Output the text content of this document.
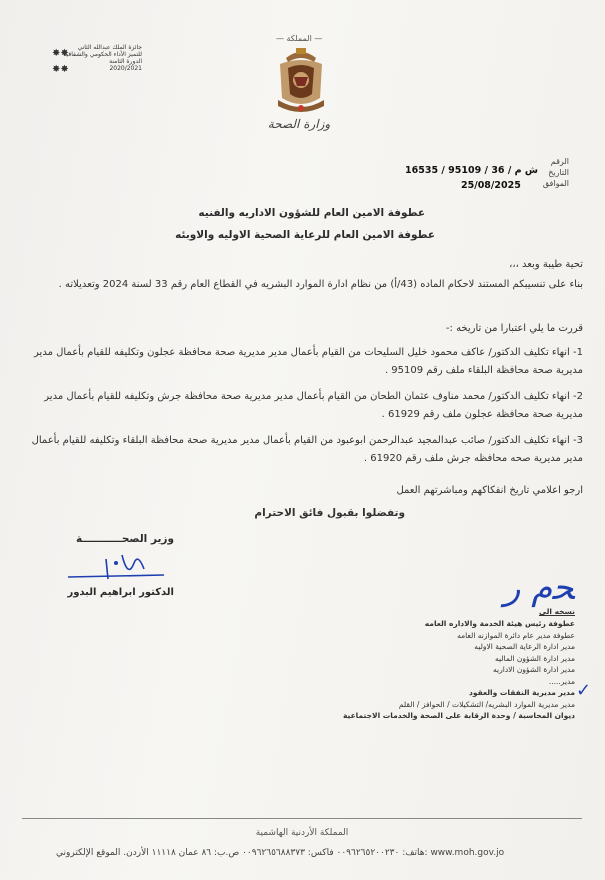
— المملكة —
وزارة الصحة
جائزة الملك عبدالله الثاني
للتميز الأداء الحكومي والشفافية
الدورة الثامنة
2020/2021
✸✸
✸✸
الرقم
التاريخ
الموافق
ش م / 36 / 95109 / 16535
25/08/2025
عطوفة الامين العام للشؤون الاداريه والفنيه
عطوفة الامين العام للرعاية الصحية الاوليه والاوبئه
تحية طيبة وبعد ،،،
بناء على تنسيبكم المستند لاحكام الماده (43/أ) من نظام ادارة الموارد البشريه في القطاع العام رقم 33 لسنة 2024 وتعديلاته .
قررت ما يلي اعتبارا من تاريخه :-
1- انهاء تكليف الدكتور/ عاكف محمود خليل السليحات من القيام بأعمال مدير مديرية صحة محافظة عجلون وتكليفه للقيام بأعمال مدير مديرية صحة محافظة البلقاء ملف رقم 95109 .
2- انهاء تكليف الدكتور/ محمد مناوف عثمان الطحان من القيام بأعمال مدير مديرية صحة محافظة جرش وتكليفه للقيام بأعمال مدير مديرية صحة محافظة عجلون ملف رقم 61929 .
3- انهاء تكليف الدكتور/ صائب عبدالمجيد عبدالرحمن ابوعبود من القيام بأعمال مدير مديرية صحة محافظة البلقاء وتكليفه للقيام بأعمال مدير مديرية صحه محافظه جرش ملف رقم 61920 .
ارجو اعلامي تاريخ انفكاكهم ومباشرتهم العمل
وتفضلوا بقبول فائق الاحترام
وزير الصحـــــــــــة
الدكتور ابراهيم البدور	ﺤم ر
✓
نسخه الى
عطوفة رئيس هيئة الخدمة والاداره العامه
عطوفة مدير عام دائرة الموازنه العامه
مدير ادارة الرعاية الصحية الاوليه
مدير ادارة الشؤون الماليه
مدير ادارة الشؤون الاداريه
مدير.....
مدير مديرية النفقات والعقود
مدير مديرية الموارد البشريه/ التشكيلات / الحوافز / القلم
ديوان المحاسبة / وحدة الرقابة على الصحة والخدمات الاجتماعية
المملكة الأردنية الهاشمية
www.moh.gov.jo :هاتف: ٠٠٩٦٢٦٥٢٠٠٢٣٠ فاكس: ٠٠٩٦٢٦٥٦٨٨٣٧٣ ص.ب: ٨٦ عمان ١١١١٨ الأردن. الموقع الإلكتروني
